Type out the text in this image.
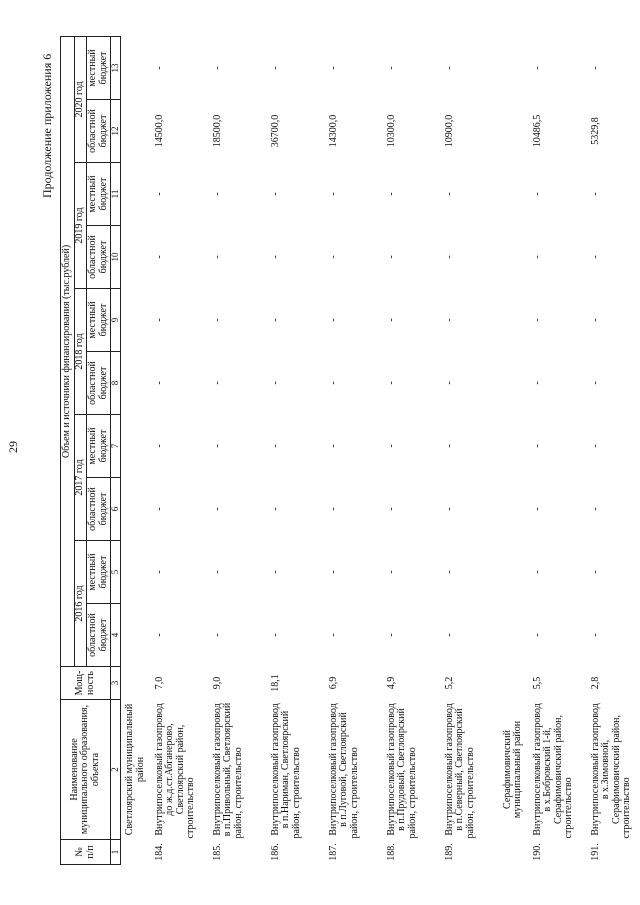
29
Продолжение приложения 6
№
п/п	Наименование
муниципального образования,
объекта	Мощ-
ность	Объем и источники финансирования (тыс.рублей)									
			2016 год		2017 год		2018 год		2019 год		2020 год	
			областной
бюджет	местный
бюджет	областной
бюджет	местный
бюджет	областной
бюджет	местный
бюджет	областной
бюджет	местный
бюджет	областной
бюджет	местный
бюджет
1	2	3	4	5	6	7	8	9	10	11	12	13
	Светлоярский муниципальный район											
184.	Внутрипоселковый газопровод до ж.д.ст.Абганерово, Светлоярский район, строительство	7,0	-	-	-	-	-	-	-	-	14500,0	-
185.	Внутрипоселковый газопровод в п.Привольный, Светлоярский район, строительство	9,0	-	-	-	-	-	-	-	-	18500,0	-
186.	Внутрипоселковый газопровод в п.Нариман, Светлоярский район, строительство	18,1	-	-	-	-	-	-	-	-	36700,0	-
187.	Внутрипоселковый газопровод в п.Луговой, Светлоярский район, строительство	6,9	-	-	-	-	-	-	-	-	14300,0	-
188.	Внутрипоселковый газопровод в п.Прудовый, Светлоярский район, строительство	4,9	-	-	-	-	-	-	-	-	10300,0	-
189.	Внутрипоселковый газопровод в п.Северный, Светлоярский район, строительство	5,2	-	-	-	-	-	-	-	-	10900,0	-
	Серафимовичский муниципальный район											
190.	Внутрипоселковый газопровод в х.Бобровский 1-й, Серафимовичский район, строительство	5,5	-	-	-	-	-	-	-	-	10486,5	-
191.	Внутрипоселковый газопровод в х.Зимовной, Серафимовичский район, строительство	2,8	-	-	-	-	-	-	-	-	5329,8	-
